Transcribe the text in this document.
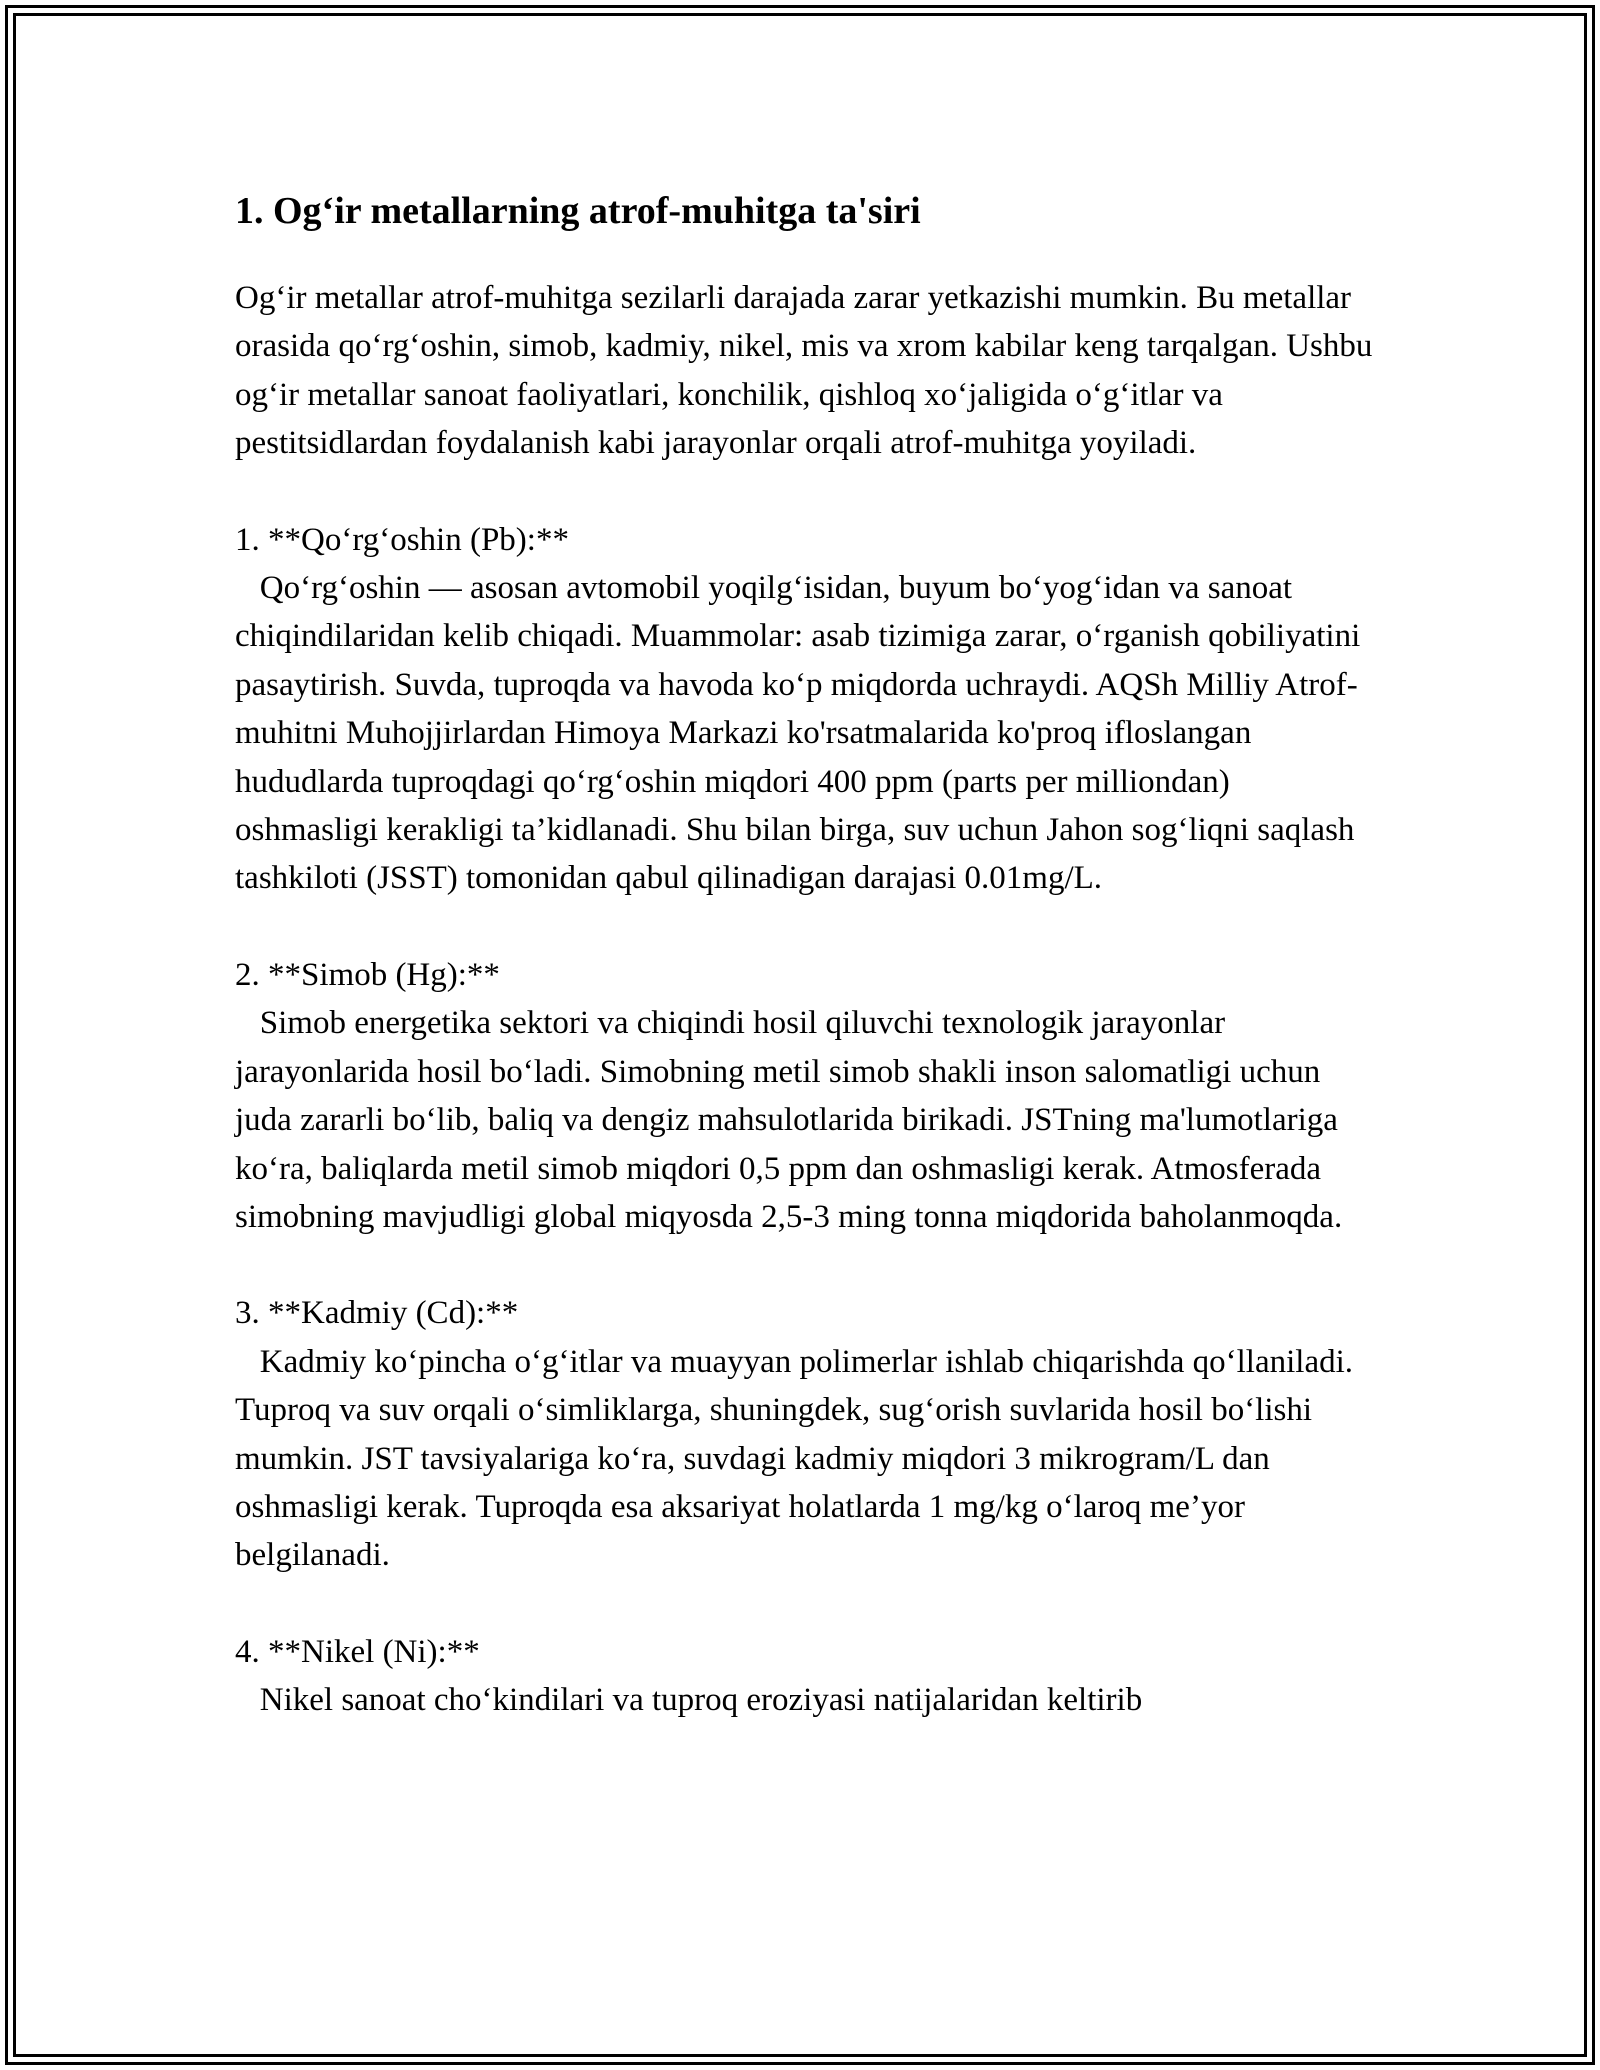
1. Og‘ir metallarning atrof-muhitga ta'siri

Og‘ir metallar atrof-muhitga sezilarli darajada zarar yetkazishi mumkin. Bu metallar orasida qo‘rg‘oshin, simob, kadmiy, nikel, mis va xrom kabilar keng tarqalgan. Ushbu og‘ir metallar sanoat faoliyatlari, konchilik, qishloq xo‘jaligida o‘g‘itlar va pestitsidlardan foydalanish kabi jarayonlar orqali atrof-muhitga yoyiladi.

1. **Qo‘rg‘oshin (Pb):**

Qo‘rg‘oshin — asosan avtomobil yoqilg‘isidan, buyum bo‘yog‘idan va sanoat chiqindilaridan kelib chiqadi. Muammolar: asab tizimiga zarar, o‘rganish qobiliyatini pasaytirish. Suvda, tuproqda va havoda ko‘p miqdorda uchraydi. AQSh Milliy Atrof-muhitni Muhojjirlardan Himoya Markazi ko'rsatmalarida ko'proq ifloslangan hududlarda tuproqdagi qo‘rg‘oshin miqdori 400 ppm (parts per milliondan) oshmasligi kerakligi ta’kidlanadi. Shu bilan birga, suv uchun Jahon sog‘liqni saqlash tashkiloti (JSST) tomonidan qabul qilinadigan darajasi 0.01mg/L.

2. **Simob (Hg):**

Simob energetika sektori va chiqindi hosil qiluvchi texnologik jarayonlar jarayonlarida hosil bo‘ladi. Simobning metil simob shakli inson salomatligi uchun juda zararli bo‘lib, baliq va dengiz mahsulotlarida birikadi. JSTning ma'lumotlariga ko‘ra, baliqlarda metil simob miqdori 0,5 ppm dan oshmasligi kerak. Atmosferada simobning mavjudligi global miqyosda 2,5-3 ming tonna miqdorida baholanmoqda.

3. **Kadmiy (Cd):**

Kadmiy ko‘pincha o‘g‘itlar va muayyan polimerlar ishlab chiqarishda qo‘llaniladi. Tuproq va suv orqali o‘simliklarga, shuningdek, sug‘orish suvlarida hosil bo‘lishi mumkin. JST tavsiyalariga ko‘ra, suvdagi kadmiy miqdori 3 mikrogram/L dan oshmasligi kerak. Tuproqda esa aksariyat holatlarda 1 mg/kg o‘laroq me’yor belgilanadi.

4. **Nikel (Ni):**

Nikel sanoat cho‘kindilari va tuproq eroziyasi natijalaridan keltirib
